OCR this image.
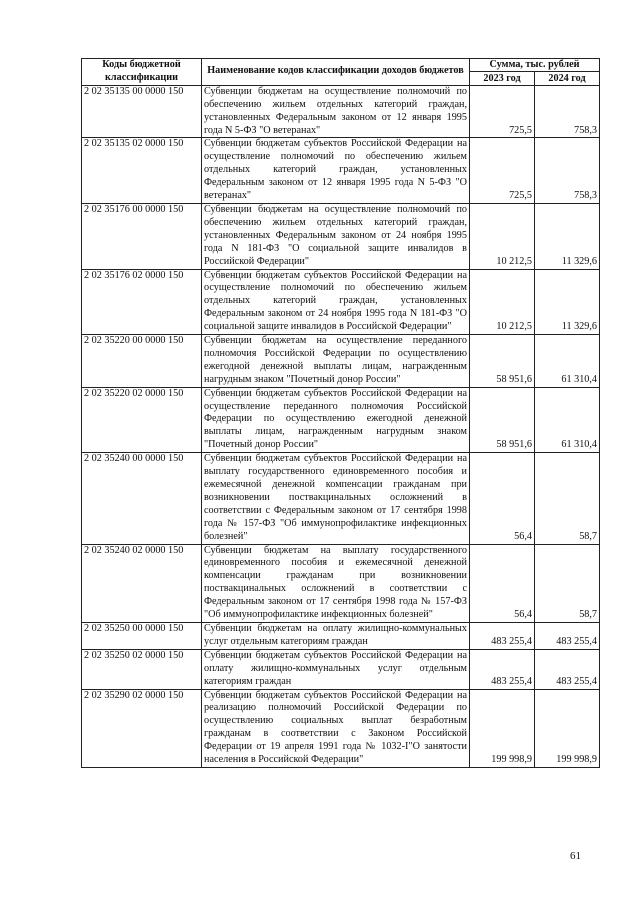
Коды бюджетной классификации	Наименование кодов классификации доходов бюджетов	Сумма, тыс. рублей	
		2023 год	2024 год
2 02 35135 00 0000 150	Субвенции бюджетам на осуществление полномочий по обеспечению жильем отдельных категорий граждан, установленных Федеральным законом от 12 января 1995 года N 5-ФЗ "О ветеранах"	725,5	758,3
2 02 35135 02 0000 150	Субвенции бюджетам субъектов Российской Федерации на осуществление полномочий по обеспечению жильем отдельных категорий граждан, установленных Федеральным законом от 12 января 1995 года N 5-ФЗ "О ветеранах"	725,5	758,3
2 02 35176 00 0000 150	Субвенции бюджетам на осуществление полномочий по обеспечению жильем отдельных категорий граждан, установленных Федеральным законом от 24 ноября 1995 года N 181-ФЗ "О социальной защите инвалидов в Российской Федерации"	10 212,5	11 329,6
2 02 35176 02 0000 150	Субвенции бюджетам субъектов Российской Федерации на осуществление полномочий по обеспечению жильем отдельных категорий граждан, установленных Федеральным законом от 24 ноября 1995 года N 181-ФЗ "О социальной защите инвалидов в Российской Федерации"	10 212,5	11 329,6
2 02 35220 00 0000 150	Субвенции бюджетам на осуществление переданного полномочия Российской Федерации по осуществлению ежегодной денежной выплаты лицам, награжденным нагрудным знаком "Почетный донор России"	58 951,6	61 310,4
2 02 35220 02 0000 150	Субвенции бюджетам субъектов Российской Федерации на осуществление переданного полномочия Российской Федерации по осуществлению ежегодной денежной выплаты лицам, награжденным нагрудным знаком "Почетный донор России"	58 951,6	61 310,4
2 02 35240 00 0000 150	Субвенции бюджетам субъектов Российской Федерации на выплату государственного единовременного пособия и ежемесячной денежной компенсации гражданам при возникновении поствакцинальных осложнений в соответствии с Федеральным законом от 17 сентября 1998 года № 157-ФЗ "Об иммунопрофилактике инфекционных болезней"	56,4	58,7
2 02 35240 02 0000 150	Субвенции бюджетам на выплату государственного единовременного пособия и ежемесячной денежной компенсации гражданам при возникновении поствакцинальных осложнений в соответствии с Федеральным законом от 17 сентября 1998 года № 157-ФЗ "Об иммунопрофилактике инфекционных болезней"	56,4	58,7
2 02 35250 00 0000 150	Субвенции бюджетам на оплату жилищно-коммунальных услуг отдельным категориям граждан	483 255,4	483 255,4
2 02 35250 02 0000 150	Субвенции бюджетам субъектов Российской Федерации на оплату жилищно-коммунальных услуг отдельным категориям граждан	483 255,4	483 255,4
2 02 35290 02 0000 150	Субвенции бюджетам субъектов Российской Федерации на реализацию полномочий Российской Федерации по осуществлению социальных выплат безработным гражданам в соответствии с Законом Российской Федерации от 19 апреля 1991 года № 1032-I"О занятости населения в Российской Федерации"	199 998,9	199 998,9
61
